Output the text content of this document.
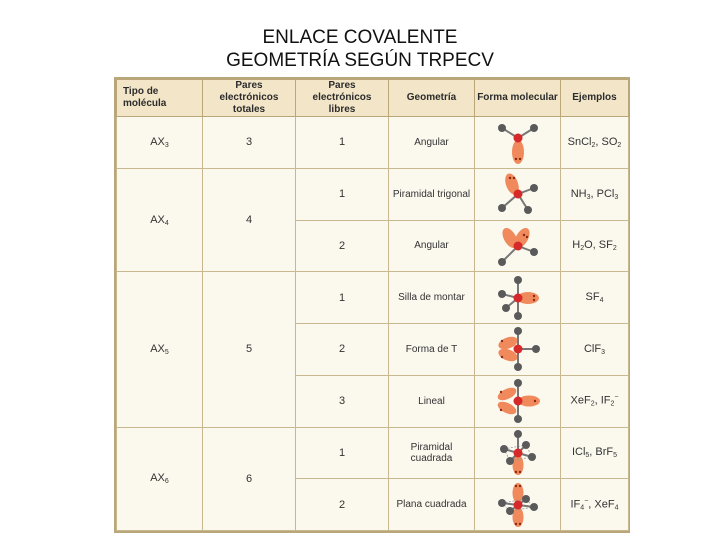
ENLACE COVALENTE
GEOMETRÍA SEGÚN TRPECV
Tipo de molécula	Pares electrónicos totales	Pares electrónicos libres	Geometría	Forma molecular	Ejemplos
$AX_3$	3	1	Angular		SnCl$_2$, $SO_2$
$AX_4$	4	1	Piramidal trigonal		$NH_3$, PCl$_3$
		2	Angular		$H_2O$, $SF_2$
$AX_5$	5	1	Silla de montar		$SF_4$
		2	Forma de T		ClF$_3$
		3	Lineal		XeF$_2$, $IF_2^-$
$AX_6$	6	1	Piramidal cuadrada		ICl$_5$, BrF$_5$
		2	Plana cuadrada		$IF_4^-$, XeF$_4$
